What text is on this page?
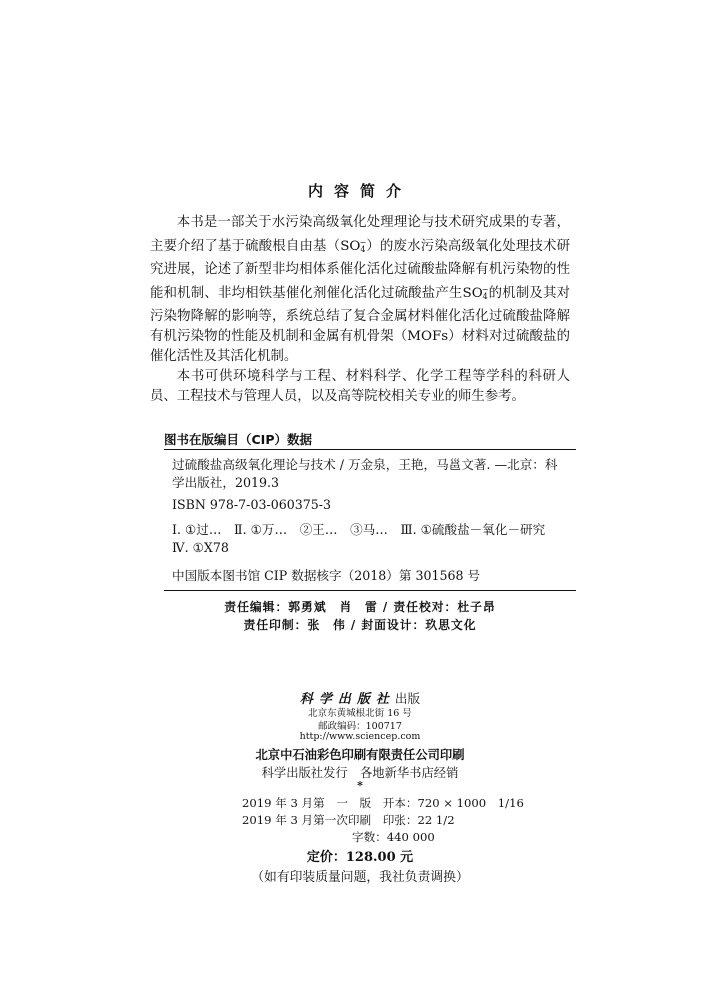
内容简介

本书是一部关于水污染高级氧化处理理论与技术研究成果的专著，主要介绍了基于硫酸根自由基$(SO_4^-)$的废水污染高级氧化处理技术研究进展，论述了新型非均相体系催化活化过硫酸盐降解有机污染物的性能和机制、非均相铁基催化剂催化活化过硫酸盐产生$SO_4^-$的机制及其对污染物降解的影响等，系统总结了复合金属材料催化活化过硫酸盐降解有机污染物的性能及机制和金属有机骨架（MOFs）材料对过硫酸盐的催化活性及其活化机制。

本书可供环境科学与工程、材料科学、化学工程等学科的科研人员、工程技术与管理人员，以及高等院校相关专业的师生参考。

图书在版编目（CIP）数据
过硫酸盐高级氧化理论与技术 / 万金泉，王艳，马邕文著. —北京：科
学出版社，2019.3
ISBN 978-7-03-060375-3
Ⅰ. ①过…　Ⅱ. ①万…　②王…　③马…　Ⅲ. ①硫酸盐－氧化－研究
Ⅳ. ①X78
中国版本图书馆 CIP 数据核字（2018）第 301568 号
责任编辑：郭勇斌　肖　雷 / 责任校对：杜子昂
责任印制：张　伟 / 封面设计：玖思文化
科学出版社出版
北京东黄城根北街 16 号
邮政编码：100717
http://www.sciencep.com
北京中石油彩色印刷有限责任公司印刷
科学出版社发行　各地新华书店经销
*
2019 年 3 月第　一　版　开本：720 × 1000　1/16
2019 年 3 月第一次印刷　印张：22 1/2
字数：440 000
定价：128.00 元
（如有印装质量问题，我社负责调换）
